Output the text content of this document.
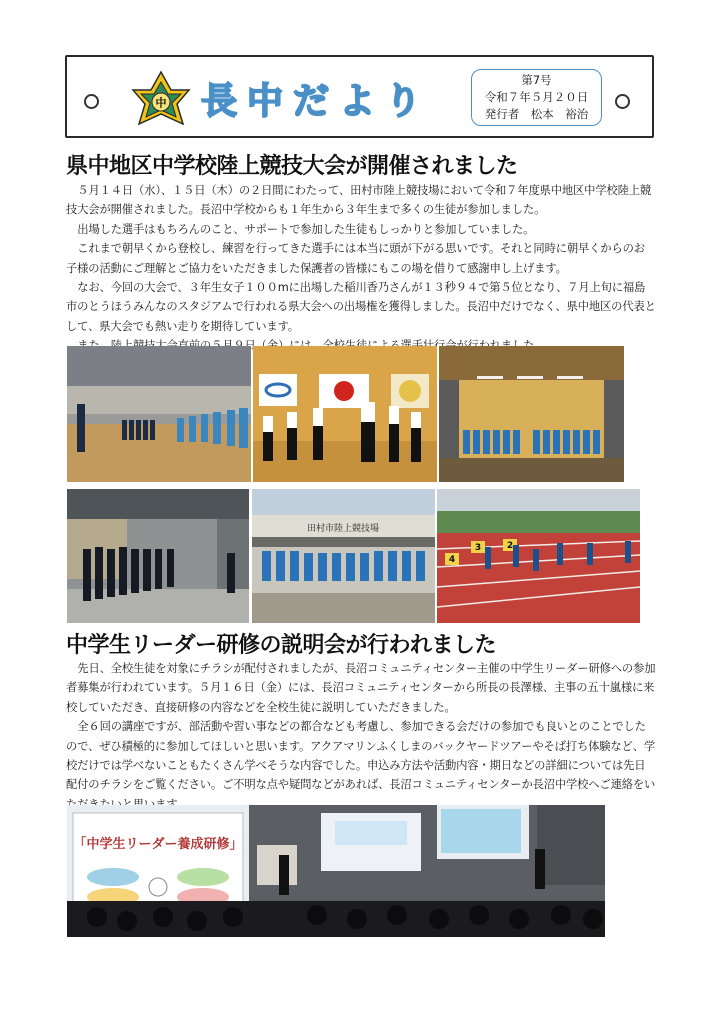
中 長中だより
第7号
令和７年５月２０日
発行者　松本　裕治
県中地区中学校陸上競技大会が開催されました

５月１４日（水）、１５日（木）の２日間にわたって、田村市陸上競技場において令和７年度県中地区中学校陸上競技大会が開催されました。長沼中学校からも１年生から３年生まで多くの生徒が参加しました。

出場した選手はもちろんのこと、サポートで参加した生徒もしっかりと参加していました。

これまで朝早くから登校し、練習を行ってきた選手には本当に頭が下がる思いです。それと同時に朝早くからのお子様の活動にご理解とご協力をいただきました保護者の皆様にもこの場を借りて感謝申し上げます。

なお、今回の大会で、３年生女子１００mに出場した稲川香乃さんが１３秒９４で第５位となり、７月上旬に福島市のとうほうみんなのスタジアムで行われる県大会への出場権を獲得しました。長沼中だけでなく、県中地区の代表として、県大会でも熱い走りを期待しています。

田村市陸上競技場
3	2
4
中学生リーダー研修の説明会が行われました

先日、全校生徒を対象にチラシが配付されましたが、長沼コミュニティセンター主催の中学生リーダー研修への参加者募集が行われています。５月１６日（金）には、長沼コミュニティセンターから所長の長澤様、主事の五十嵐様に来校していただき、直接研修の内容などを全校生徒に説明していただきました。

全６回の講座ですが、部活動や習い事などの都合なども考慮し、参加できる会だけの参加でも良いとのことでしたので、ぜひ積極的に参加してほしいと思います。アクアマリンふくしまのバックヤードツアーやそば打ち体験など、学校だけでは学べないこともたくさん学べそうな内容でした。申込み方法や活動内容・期日などの詳細については先日配付のチラシをご覧ください。ご不明な点や疑問などがあれば、長沼コミュニティセンターか長沼中学校へご連絡をい

「中学生リーダー養成研修」
